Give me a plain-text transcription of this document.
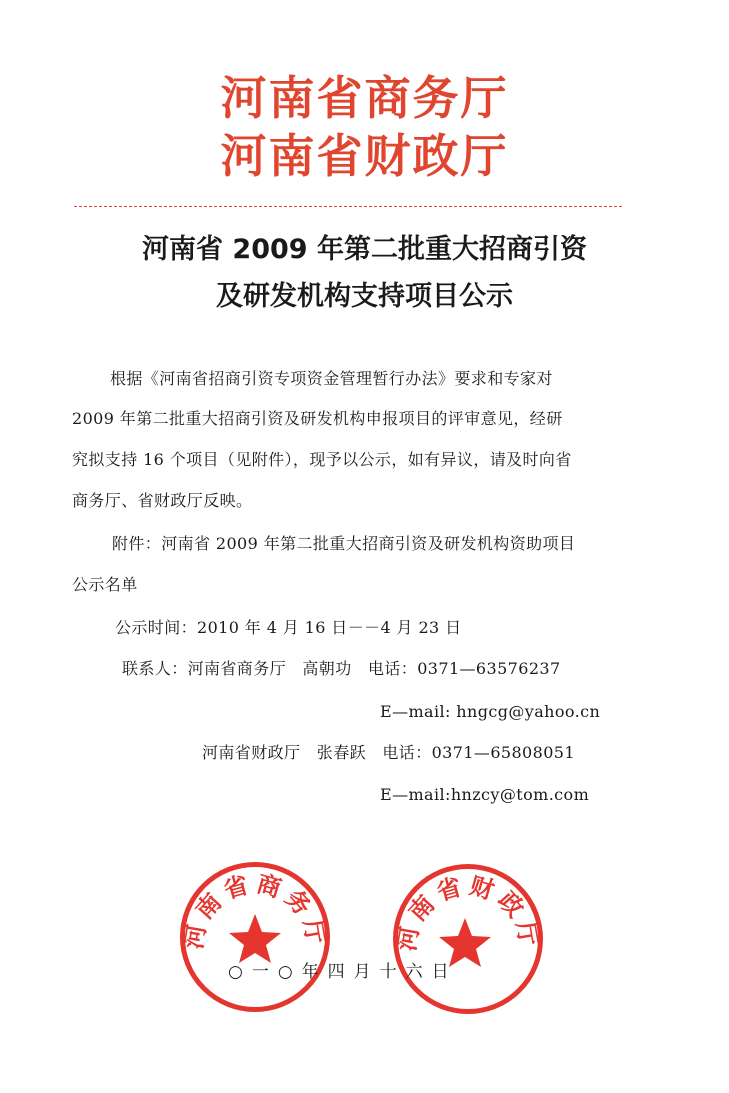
河南省商务厅
河南省财政厅
河南省 2009 年第二批重大招商引资
及研发机构支持项目公示
根据《河南省招商引资专项资金管理暂行办法》要求和专家对
2009 年第二批重大招商引资及研发机构申报项目的评审意见，经研
究拟支持 16 个项目（见附件），现予以公示，如有异议，请及时向省
商务厅、省财政厅反映。
附件：河南省 2009 年第二批重大招商引资及研发机构资助项目
公示名单
公示时间：2010 年 4 月 16 日－－4 月 23 日
联系人：河南省商务厅　高朝功　电话：0371—63576237
E—mail: hngcg@yahoo.cn
河南省财政厅　张春跃　电话：0371—65808051
E—mail:hnzcy@tom.com
河南省商务厅	河南省财政厅
○一○年四月十六日
